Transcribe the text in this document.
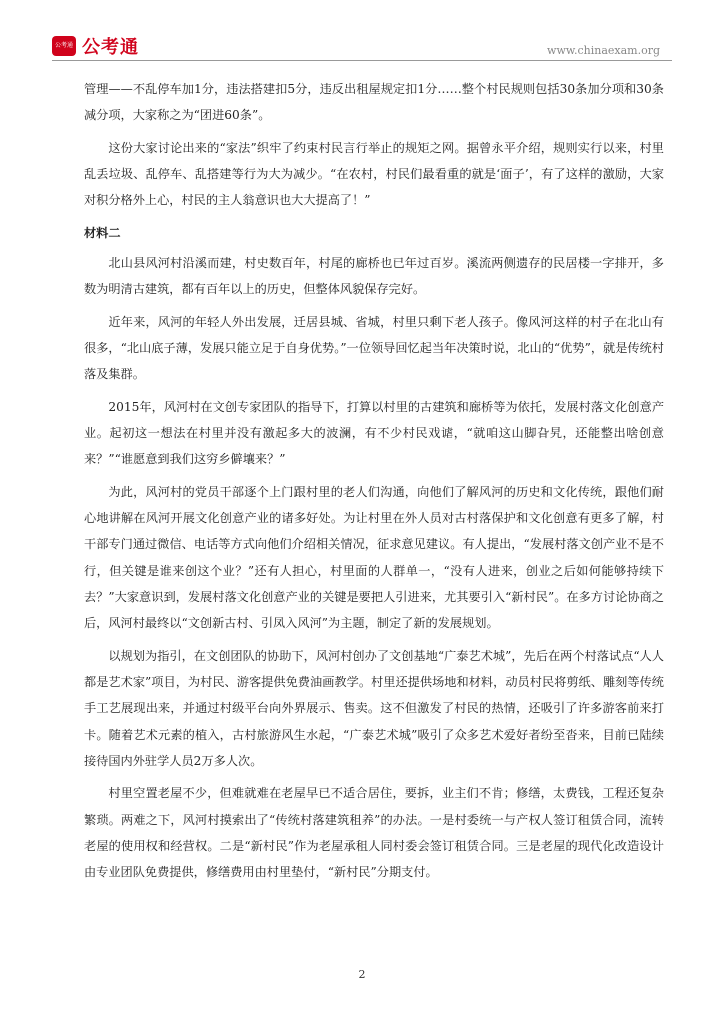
公考通 公考通	www.chinaexam.org

管理——不乱停车加1分，违法搭建扣5分，违反出租屋规定扣1分……整个村民规则包括30条加分项和30条减分项，大家称之为“团进60条”。

这份大家讨论出来的“家法”织牢了约束村民言行举止的规矩之网。据曾永平介绍，规则实行以来，村里乱丢垃圾、乱停车、乱搭建等行为大为减少。“在农村，村民们最看重的就是‘面子’，有了这样的激励，大家对积分格外上心，村民的主人翁意识也大大提高了！”

材料二

北山县风河村沿溪而建，村史数百年，村尾的廊桥也已年过百岁。溪流两侧遗存的民居楼一字排开，多数为明清古建筑，都有百年以上的历史，但整体风貌保存完好。

近年来，风河的年轻人外出发展，迁居县城、省城，村里只剩下老人孩子。像风河这样的村子在北山有很多，“北山底子薄，发展只能立足于自身优势。”一位领导回忆起当年决策时说，北山的“优势”，就是传统村落及集群。

2015年，风河村在文创专家团队的指导下，打算以村里的古建筑和廊桥等为依托，发展村落文化创意产业。起初这一想法在村里并没有激起多大的波澜，有不少村民戏谑，“就咱这山脚旮旯，还能整出啥创意来？”“谁愿意到我们这穷乡僻壤来？”

为此，风河村的党员干部逐个上门跟村里的老人们沟通，向他们了解风河的历史和文化传统，跟他们耐心地讲解在风河开展文化创意产业的诸多好处。为让村里在外人员对古村落保护和文化创意有更多了解，村干部专门通过微信、电话等方式向他们介绍相关情况，征求意见建议。有人提出，“发展村落文创产业不是不行，但关键是谁来创这个业？”还有人担心，村里面的人群单一，“没有人进来，创业之后如何能够持续下去？”大家意识到，发展村落文化创意产业的关键是要把人引进来，尤其要引入“新村民”。在多方讨论协商之后，风河村最终以“文创新古村、引凤入风河”为主题，制定了新的发展规划。

以规划为指引，在文创团队的协助下，风河村创办了文创基地“广泰艺术城”，先后在两个村落试点“人人都是艺术家”项目，为村民、游客提供免费油画教学。村里还提供场地和材料，动员村民将剪纸、雕刻等传统手工艺展现出来，并通过村级平台向外界展示、售卖。这不但激发了村民的热情，还吸引了许多游客前来打卡。随着艺术元素的植入，古村旅游风生水起，“广泰艺术城”吸引了众多艺术爱好者纷至沓来，目前已陆续接待国内外驻学人员2万多人次。

村里空置老屋不少，但难就难在老屋早已不适合居住，要拆，业主们不肯；修缮，太费钱，工程还复杂繁琐。两难之下，风河村摸索出了“传统村落建筑租养”的办法。一是村委统一与产权人签订租赁合同，流转老屋的使用权和经营权。二是“新村民”作为老屋承租人同村委会签订租赁合同。三是老屋的现代化改造设计由专业团队免费提供，修缮费用由村里垫付，“新村民”分期支付。

2
